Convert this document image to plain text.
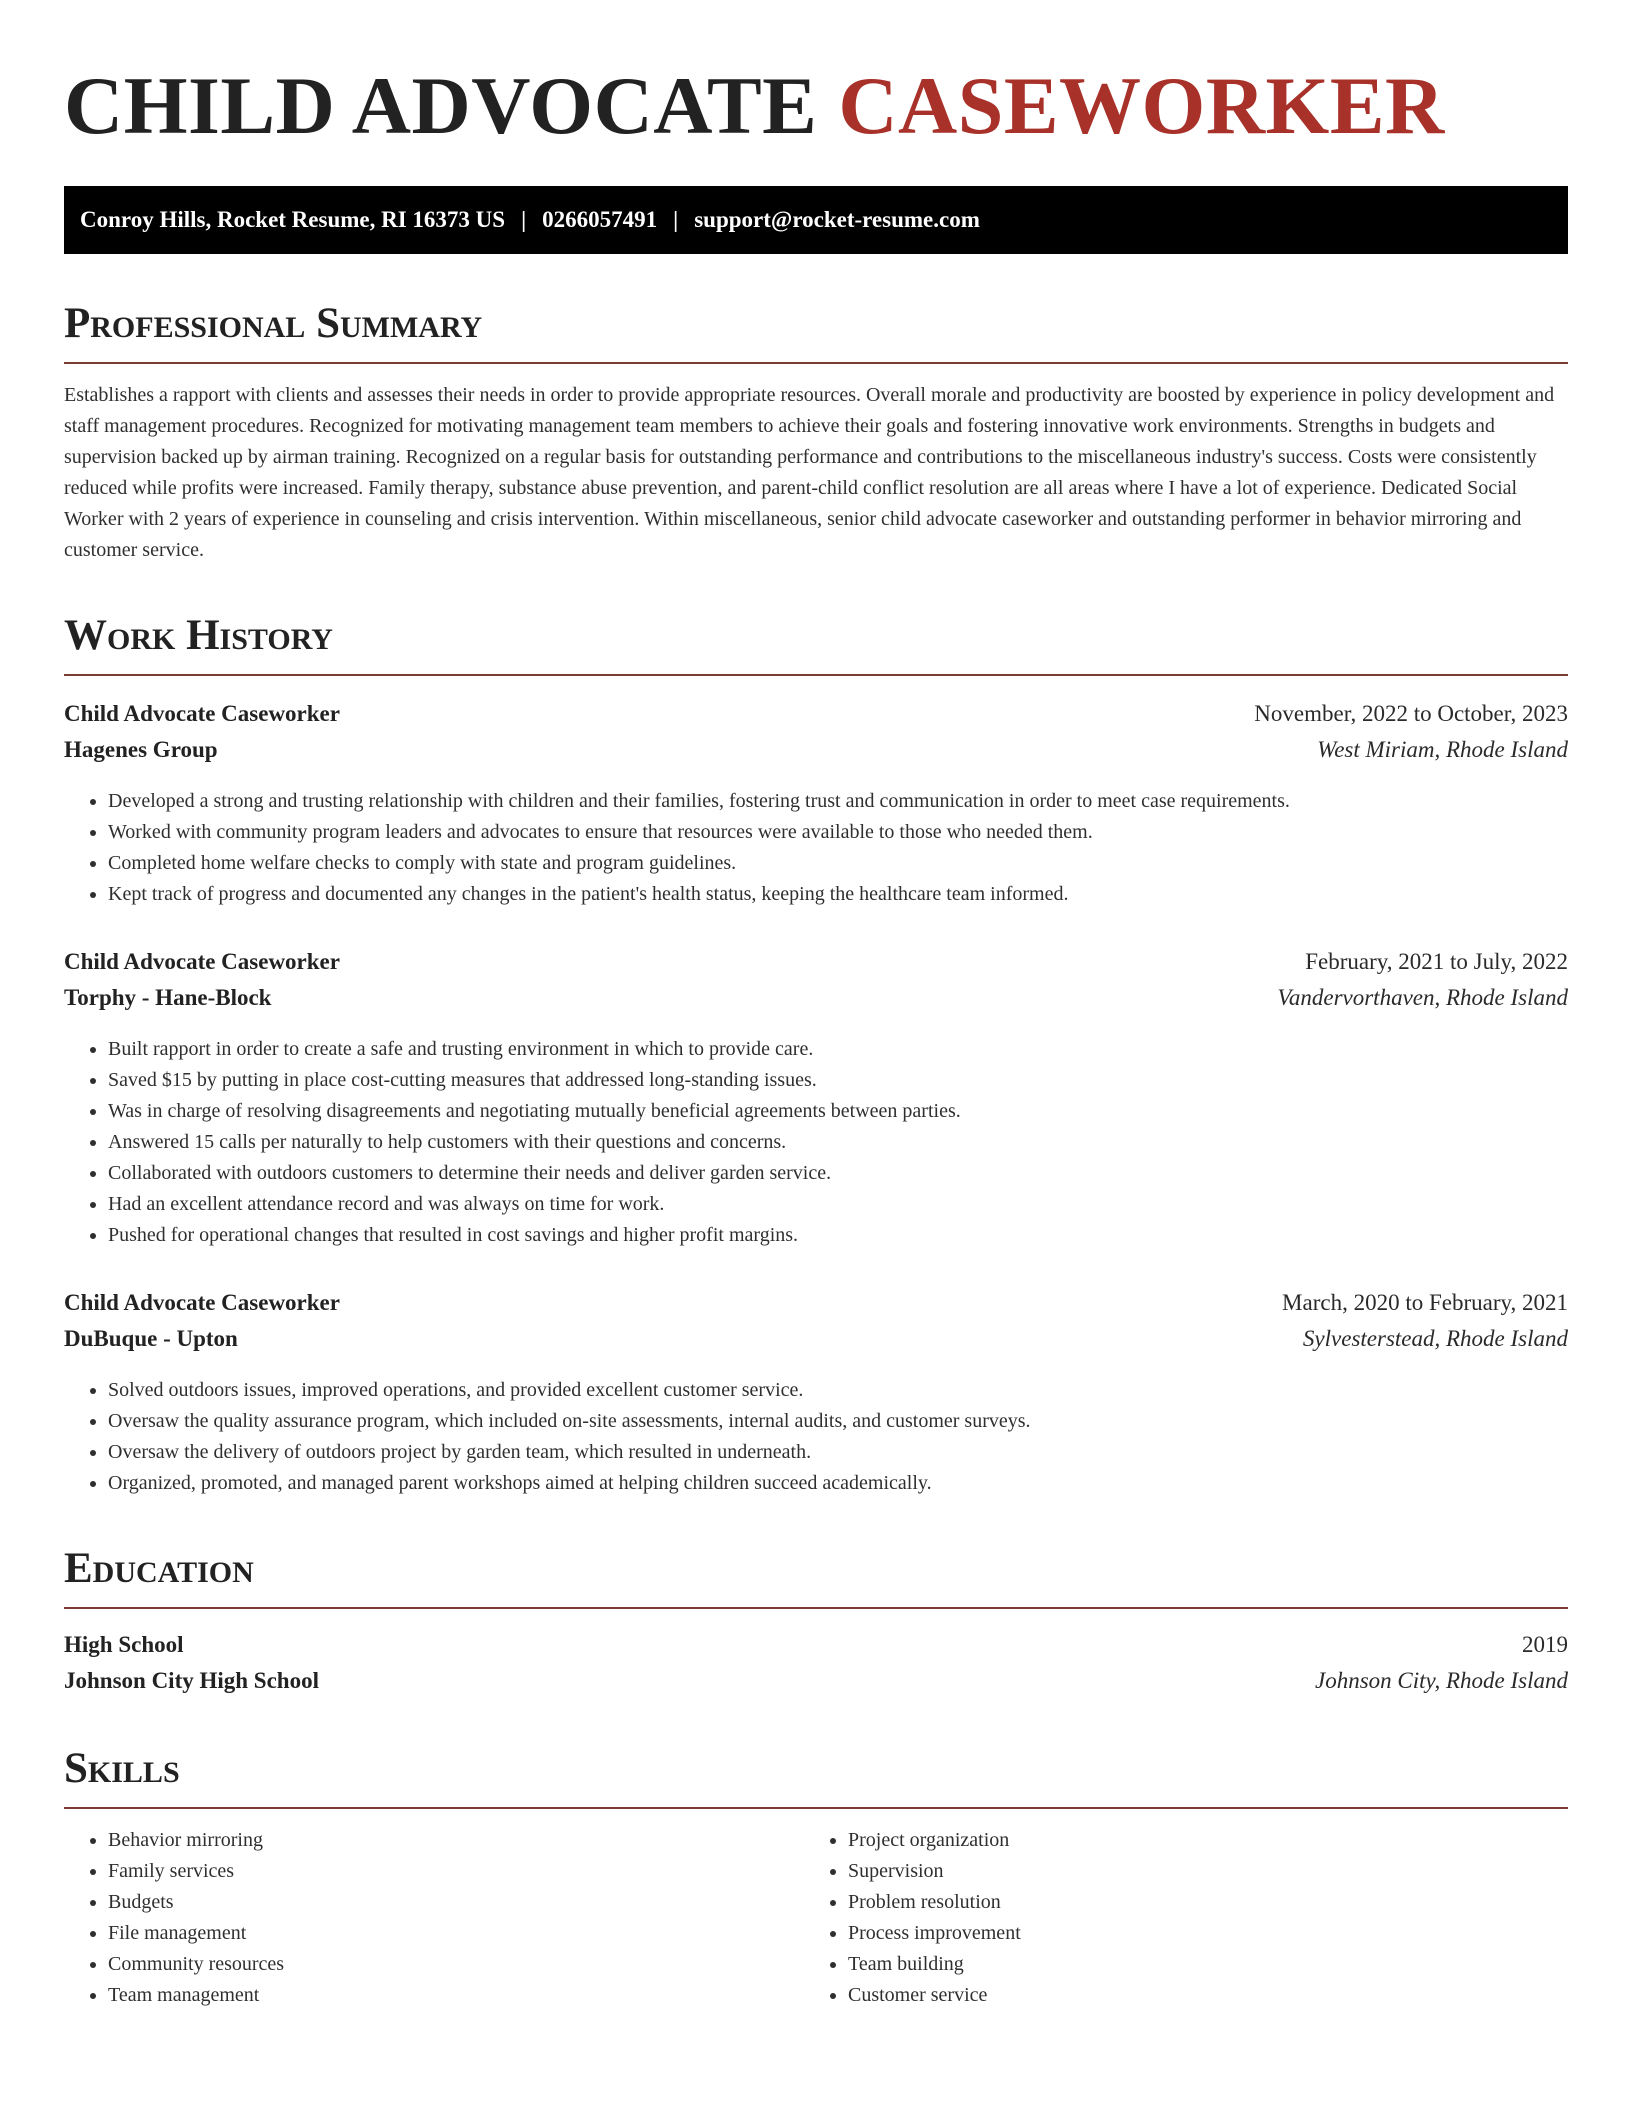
CHILD ADVOCATE CASEWORKER
Conroy Hills, Rocket Resume, RI 16373 US | 0266057491 | support@rocket-resume.com
Professional Summary

Establishes a rapport with clients and assesses their needs in order to provide appropriate resources. Overall morale and productivity are boosted by experience in policy development and staff management procedures. Recognized for motivating management team members to achieve their goals and fostering innovative work environments. Strengths in budgets and supervision backed up by airman training. Recognized on a regular basis for outstanding performance and contributions to the miscellaneous industry's success. Costs were consistently reduced while profits were increased. Family therapy, substance abuse prevention, and parent-child conflict resolution are all areas where I have a lot of experience. Dedicated Social Worker with 2 years of experience in counseling and crisis intervention. Within miscellaneous, senior child advocate caseworker and outstanding performer in behavior mirroring and customer service.

Work History
Child Advocate Caseworker	November, 2022 to October, 2023
Hagenes Group	West Miriam, Rhode Island
• Developed a strong and trusting relationship with children and their families, fostering trust and communication in order to meet case requirements.
• Worked with community program leaders and advocates to ensure that resources were available to those who needed them.
• Completed home welfare checks to comply with state and program guidelines.
• Kept track of progress and documented any changes in the patient's health status, keeping the healthcare team informed.
Child Advocate Caseworker	February, 2021 to July, 2022
Torphy - Hane-Block	Vandervorthaven, Rhode Island
• Built rapport in order to create a safe and trusting environment in which to provide care.
• Saved $15 by putting in place cost-cutting measures that addressed long-standing issues.
• Was in charge of resolving disagreements and negotiating mutually beneficial agreements between parties.
• Answered 15 calls per naturally to help customers with their questions and concerns.
• Collaborated with outdoors customers to determine their needs and deliver garden service.
• Had an excellent attendance record and was always on time for work.
• Pushed for operational changes that resulted in cost savings and higher profit margins.
Child Advocate Caseworker	March, 2020 to February, 2021
DuBuque - Upton	Sylvesterstead, Rhode Island
• Solved outdoors issues, improved operations, and provided excellent customer service.
• Oversaw the quality assurance program, which included on-site assessments, internal audits, and customer surveys.
• Oversaw the delivery of outdoors project by garden team, which resulted in underneath.
• Organized, promoted, and managed parent workshops aimed at helping children succeed academically.
Education
High School	2019
Johnson City High School	Johnson City, Rhode Island
Skills
• Behavior mirroring
• Family services
• Budgets
• File management
• Community resources
• Team management
• Project organization
• Supervision
• Problem resolution
• Process improvement
• Team building
• Customer service
